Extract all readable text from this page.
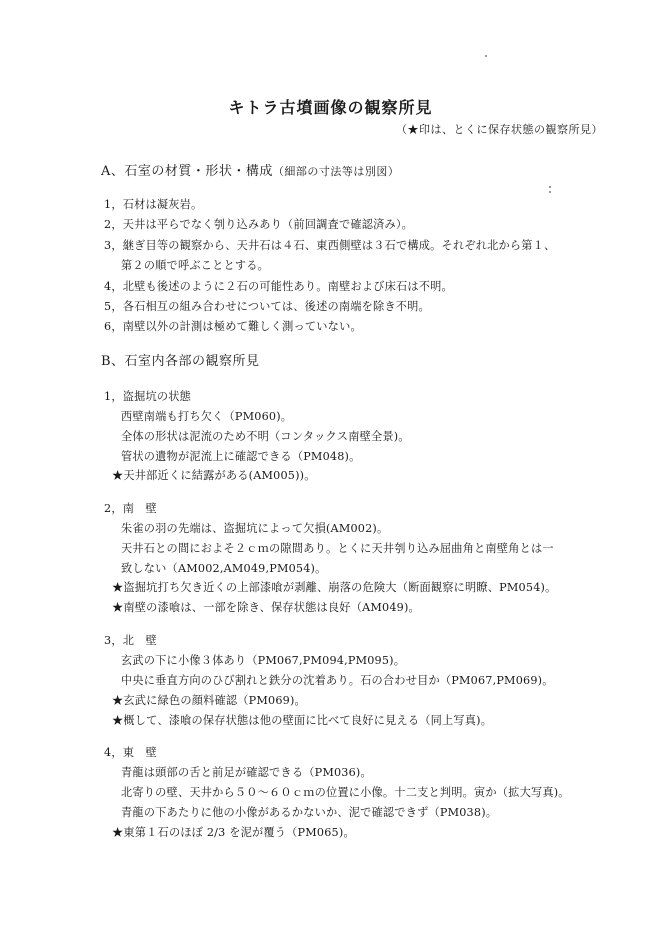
キトラ古墳画像の観察所見
（★印は、とくに保存状態の観察所見）
A、石室の材質・形状・構成（細部の寸法等は別図）
1，石材は凝灰岩。
2，天井は平らでなく刳り込みあり（前回調査で確認済み）。
3，継ぎ目等の観察から、天井石は４石、東西側壁は３石で構成。それぞれ北から第１、
第２の順で呼ぶこととする。
4，北壁も後述のように２石の可能性あり。南壁および床石は不明。
5，各石相互の組み合わせについては、後述の南端を除き不明。
6，南壁以外の計測は極めて難しく測っていない。
B、石室内各部の観察所見
1，盗掘坑の状態
西壁南端も打ち欠く（PM060)。
全体の形状は泥流のため不明（コンタックス南壁全景)。
管状の遺物が泥流上に確認できる（PM048)。
★天井部近くに結露がある(AM005))。
2，南　壁
朱雀の羽の先端は、盗掘坑によって欠損(AM002)。
天井石との間におよそ２ｃｍの隙間あり。とくに天井刳り込み屈曲角と南壁角とは一
致しない（AM002,AM049,PM054)。
★盗掘坑打ち欠き近くの上部漆喰が剥離、崩落の危険大（断面観察に明瞭、PM054)。
★南壁の漆喰は、一部を除き、保存状態は良好（AM049)。
3，北　壁
玄武の下に小像３体あり（PM067,PM094,PM095)。
中央に垂直方向のひび割れと鉄分の沈着あり。石の合わせ目か（PM067,PM069)。
★玄武に緑色の顔料確認（PM069)。
★概して、漆喰の保存状態は他の壁面に比べて良好に見える（同上写真)。
4，東　壁
青龍は頭部の舌と前足が確認できる（PM036)。
北寄りの壁、天井から５０～６０ｃｍの位置に小像。十二支と判明。寅か（拡大写真)。
青龍の下あたりに他の小像があるかないか、泥で確認できず（PM038)。
★東第１石のほぼ 2/3 を泥が覆う（PM065)。
